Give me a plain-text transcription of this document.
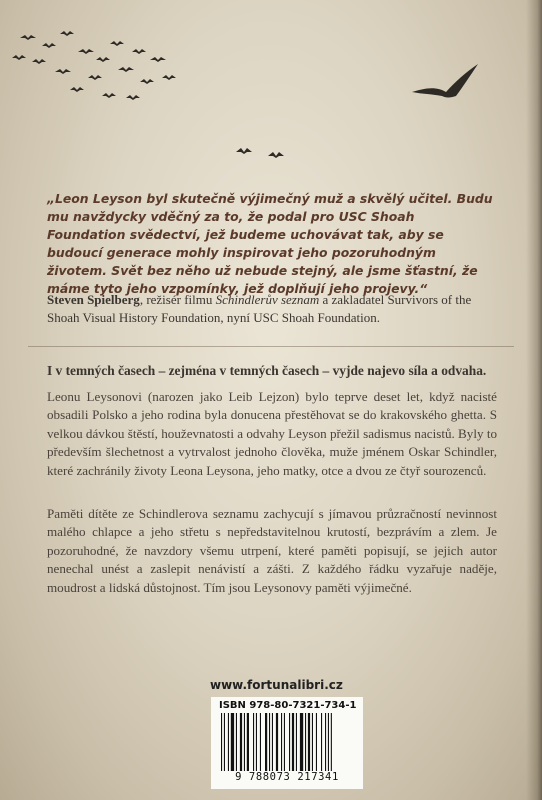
„Leon Leyson byl skutečně výjimečný muž a skvělý učitel. Budu mu navždycky vděčný za to, že podal pro USC Shoah Foundation svědectví, jež budeme uchovávat tak, aby se budoucí generace mohly inspirovat jeho pozoruhodným životem. Svět bez něho už nebude stejný, ale jsme šťastní, že máme tyto jeho vzpomínky, jež doplňují jeho projevy.“

Steven Spielberg, režisér filmu Schindlerův seznam a zakladatel Survivors of the Shoah Visual History Foundation, nyní USC Shoah Foundation.

I v temných časech – zejména v temných časech – vyjde najevo síla a odvaha.

Leonu Leysonovi (narozen jako Leib Lejzon) bylo teprve deset let, když nacisté obsadili Polsko a jeho rodina byla donucena přestěhovat se do krakovského ghetta. S velkou dávkou štěstí, houževnatosti a odvahy Leyson přežil sadismus nacistů. Byly to především šlechetnost a vytrvalost jednoho člověka, muže jménem Oskar Schindler, které zachránily životy Leona Leysona, jeho matky, otce a dvou ze čtyř sourozenců.

Paměti dítěte ze Schindlerova seznamu zachycují s jímavou průzračností nevinnost malého chlapce a jeho střetu s nepředstavitelnou krutostí, bezprávím a zlem. Je pozoruhodné, že navzdory všemu utrpení, které paměti popisují, se jejich autor nenechal unést a zaslepit nenávistí a zášti. Z každého řádku vyzařuje naděje, moudrost a lidská důstojnost. Tím jsou Leysonovy paměti výjimečné.

www.fortunalibri.cz

ISBN 978-80-7321-734-1

9 788073 217341
